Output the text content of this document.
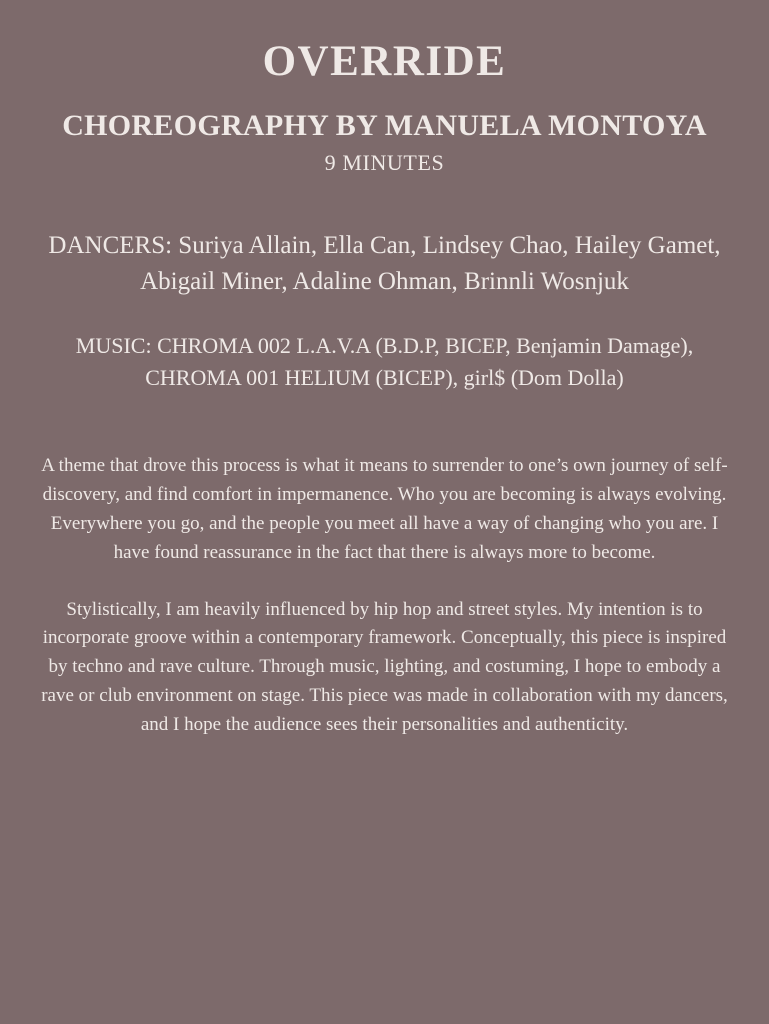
OVERRIDE
CHOREOGRAPHY BY MANUELA MONTOYA
9 MINUTES
DANCERS: Suriya Allain, Ella Can, Lindsey Chao, Hailey Gamet, Abigail Miner, Adaline Ohman, Brinnli Wosnjuk
MUSIC: CHROMA 002 L.A.V.A (B.D.P, BICEP, Benjamin Damage), CHROMA 001 HELIUM (BICEP), girl$ (Dom Dolla)

A theme that drove this process is what it means to surrender to one’s own journey of self-discovery, and find comfort in impermanence. Who you are becoming is always evolving. Everywhere you go, and the people you meet all have a way of changing who you are. I have found reassurance in the fact that there is always more to become.

Stylistically, I am heavily influenced by hip hop and street styles. My intention is to incorporate groove within a contemporary framework. Conceptually, this piece is inspired by techno and rave culture. Through music, lighting, and costuming, I hope to embody a rave or club environment on stage. This piece was made in collaboration with my dancers, and I hope the audience sees their personalities and authenticity.
